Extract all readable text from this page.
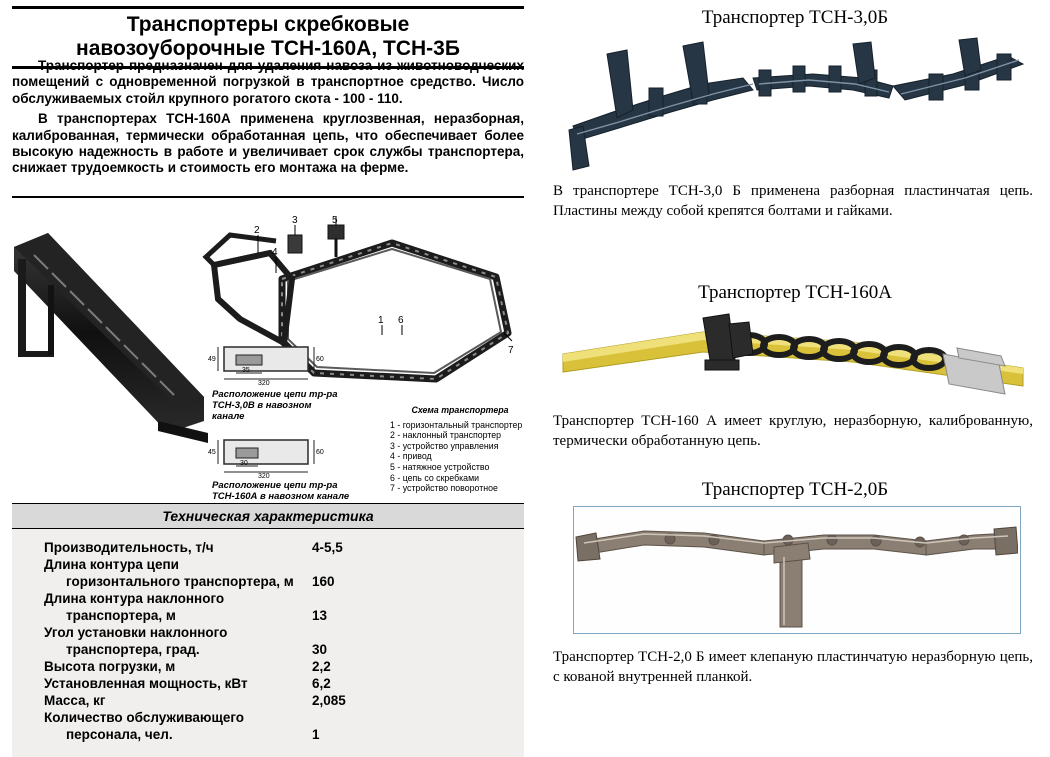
Транспортеры скребковые
навозоуборочные ТСН-160А, ТСН-3Б

Транспортер предназначен для удаления навоза из животноводческих помещений с одновременной погрузкой в транспортное средство. Число обслуживаемых стойл крупного рогатого скота - 100 - 110.

В транспортерах ТСН-160А применена круглозвенная, неразборная, калиброванная, термически обработанная цепь, что обеспечивает более высокую надежность в работе и увеличивает срок службы транспортера, снижает трудоемкость и стоимость его монтажа на ферме.

3	5
2
4
1 6
7
49	60
35
320
45	60
30
320
Расположение цепи тр-ра
ТСН-3,0В в навозном канале
Расположение цепи тр-ра
ТСН-160А в навозном канале
Схема транспортера
1 - горизонтальный транспортер
2 - наклонный транспортер
3 - устройство управления
4 - привод
5 - натяжное устройство
6 - цепь со скребками
7 - устройство поворотное
Техническая характеристика
Производительность, т/ч	4-5,5
Длина контура цепи
горизонтального транспортера, м	160
Длина контура наклонного
транспортера, м	13
Угол установки наклонного
транспортера, град.	30
Высота погрузки, м	2,2
Установленная мощность, кВт	6,2
Масса, кг	2,085
Количество обслуживающего
персонала, чел.	1
Транспортер ТСН-3,0Б
В транспортере ТСН-3,0 Б применена разборная пластинчатая цепь. Пластины между собой крепятся болтами и гайками.
Транспортер ТСН-160А
Транспортер ТСН-160 А имеет круглую, неразборную, калиброванную, термически обработанную цепь.
Транспортер ТСН-2,0Б
Транспортер ТСН-2,0 Б имеет клепаную пластинчатую неразборную цепь, с кованой внутренней планкой.
